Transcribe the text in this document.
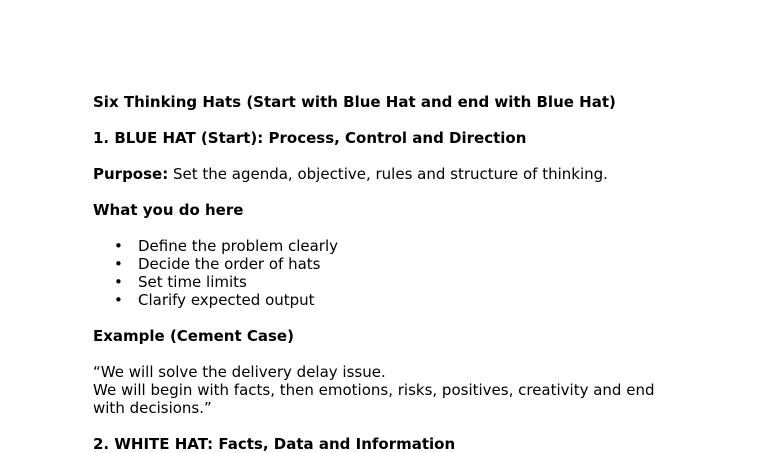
Six Thinking Hats (Start with Blue Hat and end with Blue Hat)
1. BLUE HAT (Start): Process, Control and Direction
Purpose: Set the agenda, objective, rules and structure of thinking.
What you do here
• Define the problem clearly
• Decide the order of hats
• Set time limits
• Clarify expected output
Example (Cement Case)
“We will solve the delivery delay issue.
We will begin with facts, then emotions, risks, positives, creativity and end
with decisions.”
2. WHITE HAT: Facts, Data and Information
